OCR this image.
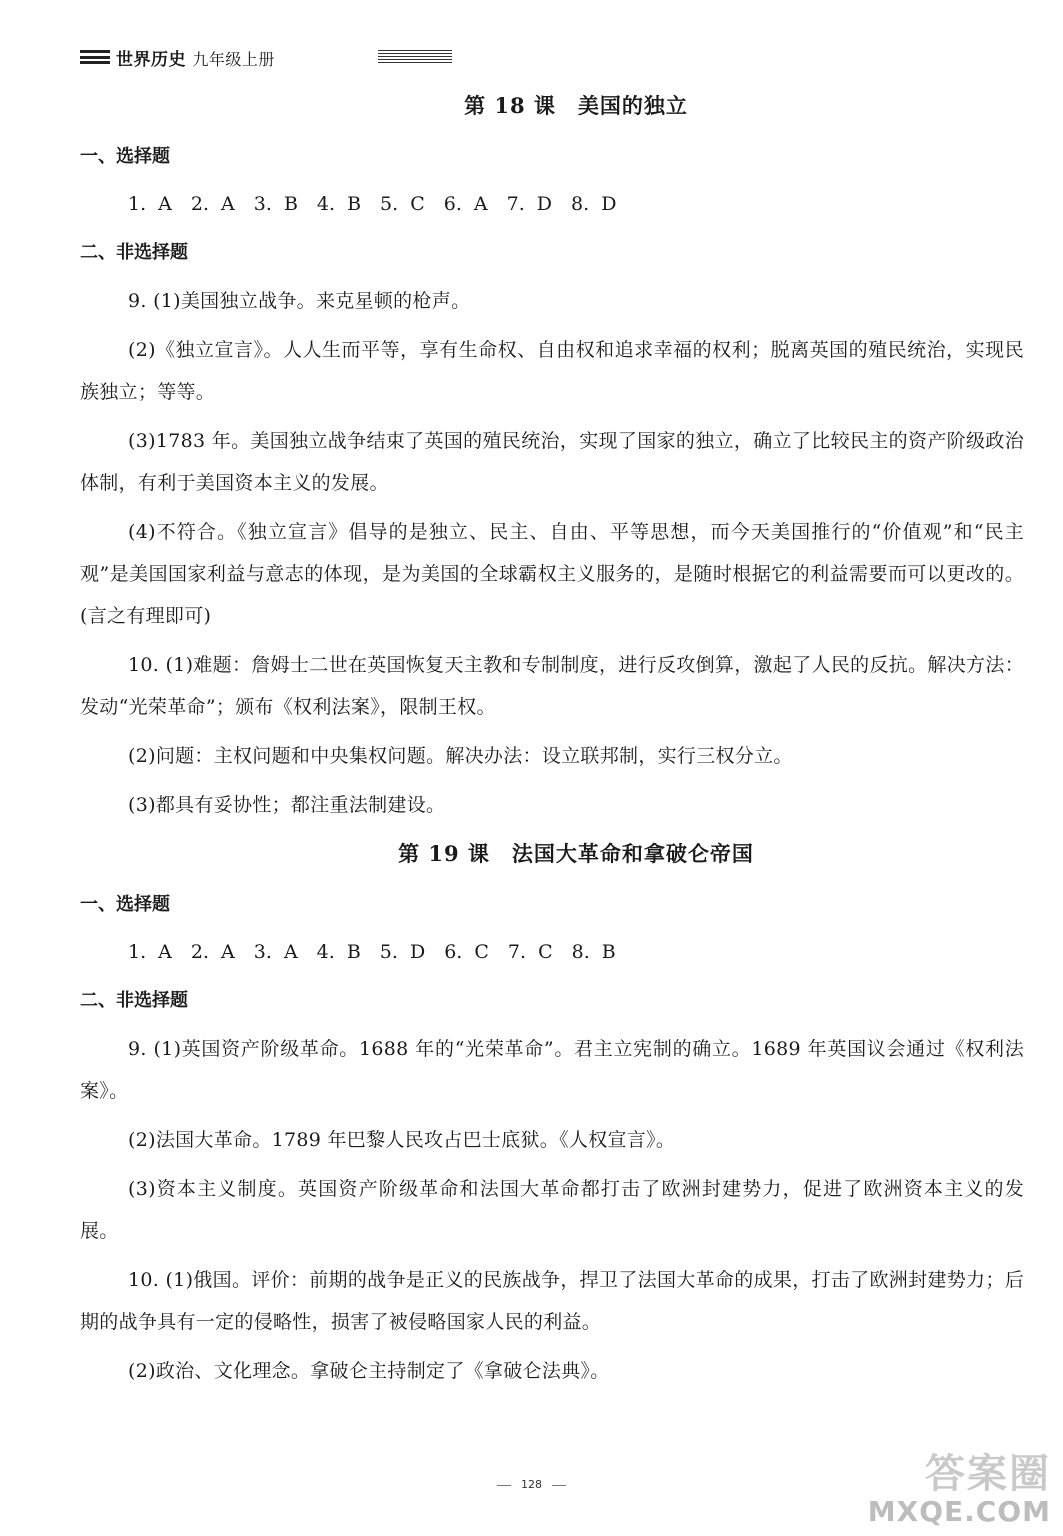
世界历史 九年级上册
第 18 课　美国的独立
一、选择题
1. A　2. A　3. B　4. B　5. C　6. A　7. D　8. D
二、非选择题

9. (1)美国独立战争。来克星顿的枪声。

(2)《独立宣言》。人人生而平等，享有生命权、自由权和追求幸福的权利；脱离英国的殖民统治，实现民族独立；等等。

(3)1783 年。美国独立战争结束了英国的殖民统治，实现了国家的独立，确立了比较民主的资产阶级政治体制，有利于美国资本主义的发展。

(4)不符合。《独立宣言》倡导的是独立、民主、自由、平等思想，而今天美国推行的“价值观”和“民主观”是美国国家利益与意志的体现，是为美国的全球霸权主义服务的，是随时根据它的利益需要而可以更改的。(言之有理即可)

10. (1)难题：詹姆士二世在英国恢复天主教和专制制度，进行反攻倒算，激起了人民的反抗。解决方法：发动“光荣革命”；颁布《权利法案》，限制王权。

(2)问题：主权问题和中央集权问题。解决办法：设立联邦制，实行三权分立。

(3)都具有妥协性；都注重法制建设。

第 19 课　法国大革命和拿破仑帝国
一、选择题
1. A　2. A　3. A　4. B　5. D　6. C　7. C　8. B
二、非选择题

9. (1)英国资产阶级革命。1688 年的“光荣革命”。君主立宪制的确立。1689 年英国议会通过《权利法案》。

(2)法国大革命。1789 年巴黎人民攻占巴士底狱。《人权宣言》。

(3)资本主义制度。英国资产阶级革命和法国大革命都打击了欧洲封建势力，促进了欧洲资本主义的发展。

10. (1)俄国。评价：前期的战争是正义的民族战争，捍卫了法国大革命的成果，打击了欧洲封建势力；后期的战争具有一定的侵略性，损害了被侵略国家人民的利益。

(2)政治、文化理念。拿破仑主持制定了《拿破仑法典》。

128	答案圈
MXQE.COM
